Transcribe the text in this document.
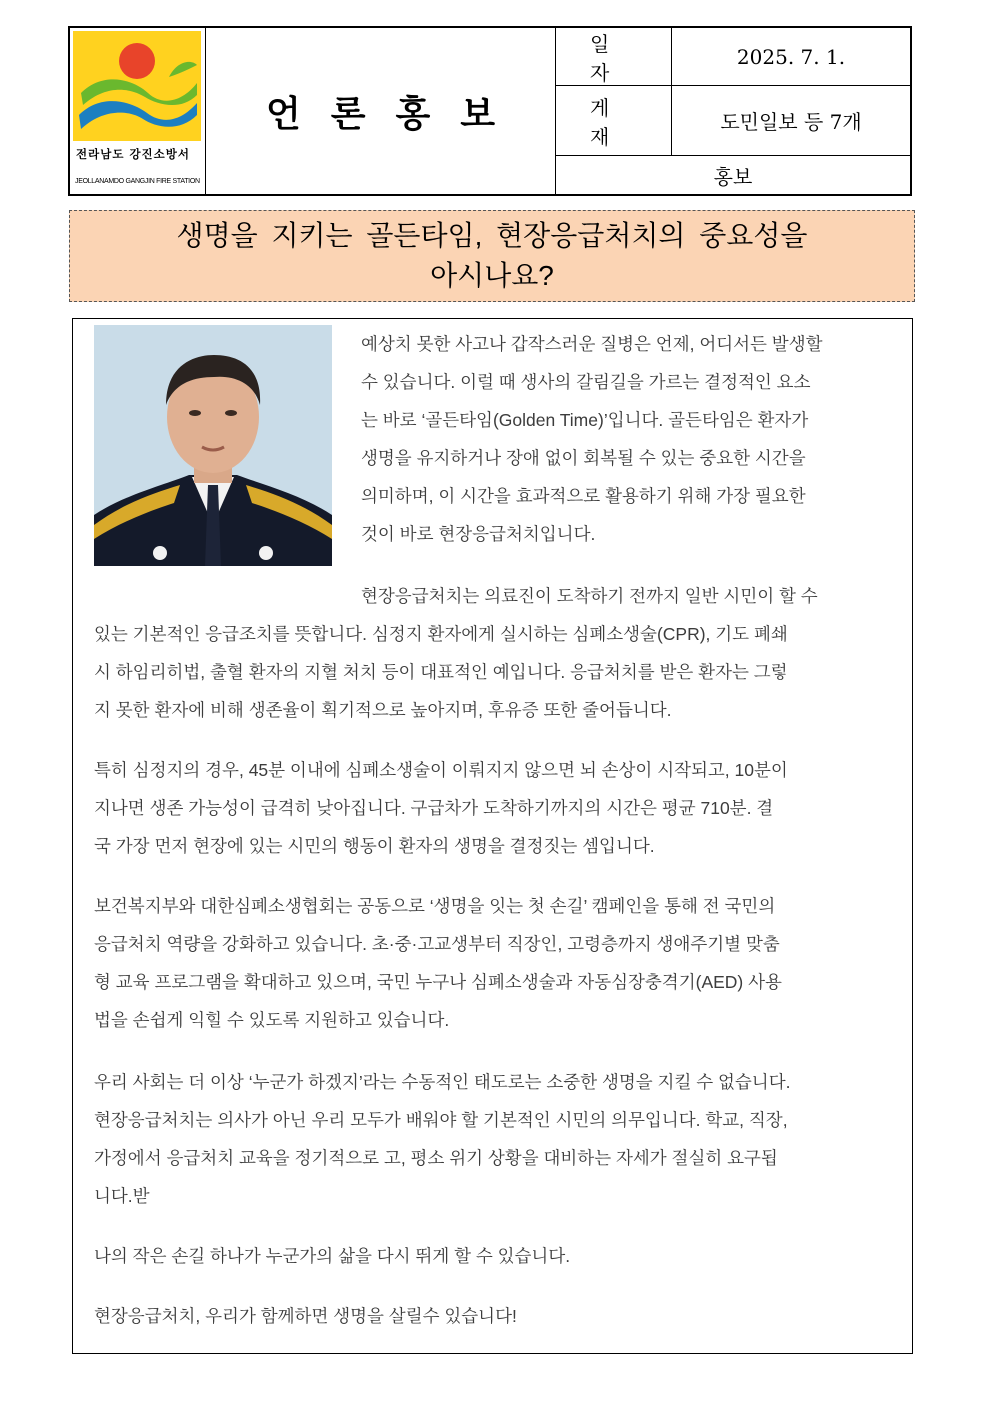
전라남도 강진소방서
JEOLLANAMDO GANGJIN FIRE STATION
언론홍보
일자
2025. 7. 1.
게재
도민일보 등 7개
홍보
생명을 지키는 골든타임, 현장응급처치의 중요성을
아시나요?
예상치 못한 사고나 갑작스러운 질병은 언제, 어디서든 발생할
수 있습니다. 이럴 때 생사의 갈림길을 가르는 결정적인 요소
는 바로 ‘골든타임(Golden Time)’입니다. 골든타임은 환자가
생명을 유지하거나 장애 없이 회복될 수 있는 중요한 시간을
의미하며, 이 시간을 효과적으로 활용하기 위해 가장 필요한
것이 바로 현장응급처치입니다.
현장응급처치는 의료진이 도착하기 전까지 일반 시민이 할 수
있는 기본적인 응급조치를 뜻합니다. 심정지 환자에게 실시하는 심폐소생술(CPR), 기도 폐쇄
시 하임리히법, 출혈 환자의 지혈 처치 등이 대표적인 예입니다. 응급처치를 받은 환자는 그렇
지 못한 환자에 비해 생존율이 획기적으로 높아지며, 후유증 또한 줄어듭니다.
특히 심정지의 경우, 45분 이내에 심폐소생술이 이뤄지지 않으면 뇌 손상이 시작되고, 10분이
지나면 생존 가능성이 급격히 낮아집니다. 구급차가 도착하기까지의 시간은 평균 710분. 결
국 가장 먼저 현장에 있는 시민의 행동이 환자의 생명을 결정짓는 셈입니다.
보건복지부와 대한심폐소생협회는 공동으로 ‘생명을 잇는 첫 손길’ 캠페인을 통해 전 국민의
응급처치 역량을 강화하고 있습니다. 초·중·고교생부터 직장인, 고령층까지 생애주기별 맞춤
형 교육 프로그램을 확대하고 있으며, 국민 누구나 심폐소생술과 자동심장충격기(AED) 사용
법을 손쉽게 익힐 수 있도록 지원하고 있습니다.
우리 사회는 더 이상 ‘누군가 하겠지’라는 수동적인 태도로는 소중한 생명을 지킬 수 없습니다.
현장응급처치는 의사가 아닌 우리 모두가 배워야 할 기본적인 시민의 의무입니다. 학교, 직장,
가정에서 응급처치 교육을 정기적으로 고, 평소 위기 상황을 대비하는 자세가 절실히 요구됩
니다.받
나의 작은 손길 하나가 누군가의 삶을 다시 뛰게 할 수 있습니다.
현장응급처치, 우리가 함께하면 생명을 살릴수 있습니다!
